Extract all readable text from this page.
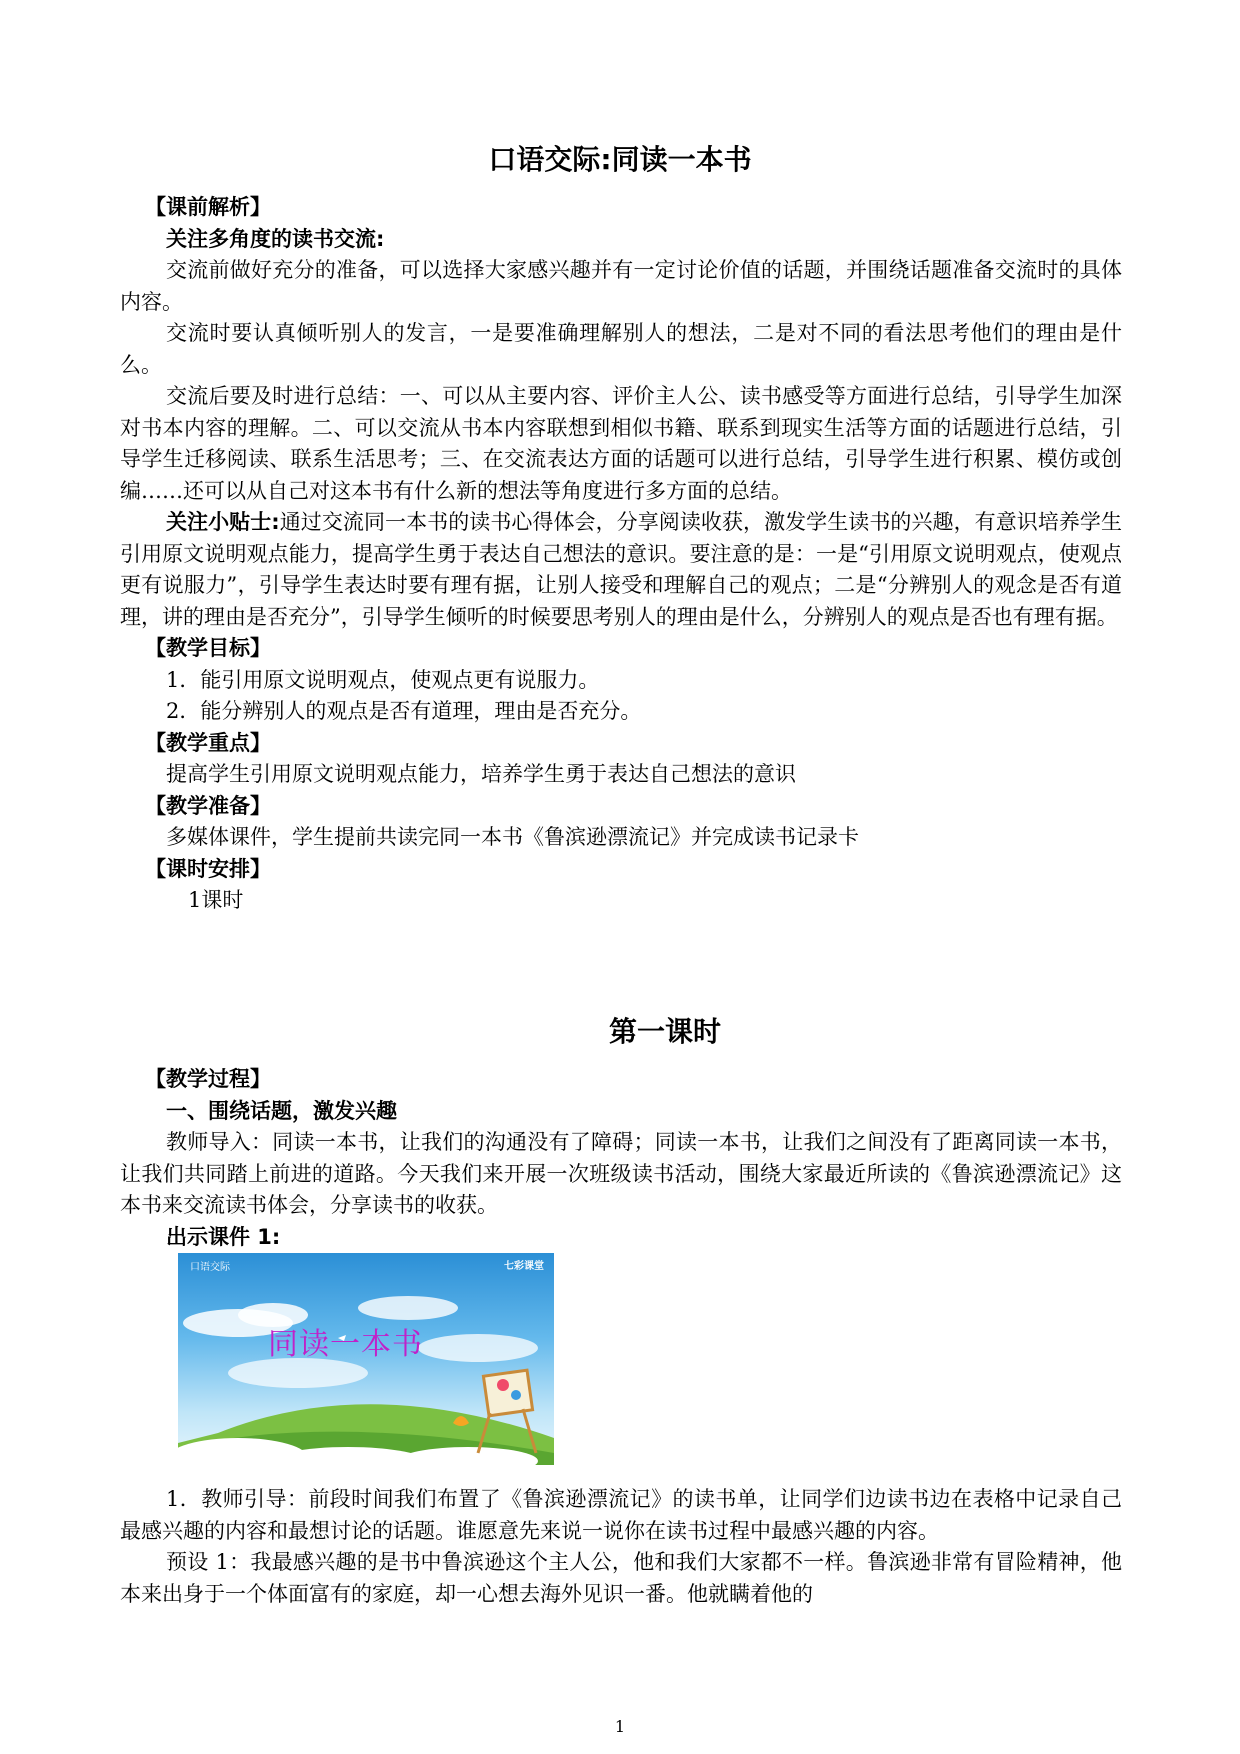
口语交际:同读一本书

【课前解析】

关注多角度的读书交流:

交流前做好充分的准备，可以选择大家感兴趣并有一定讨论价值的话题，并围绕话题准备交流时的具体内容。

交流时要认真倾听别人的发言，一是要准确理解别人的想法，二是对不同的看法思考他们的理由是什么。

交流后要及时进行总结：一、可以从主要内容、评价主人公、读书感受等方面进行总结，引导学生加深对书本内容的理解。二、可以交流从书本内容联想到相似书籍、联系到现实生活等方面的话题进行总结，引导学生迁移阅读、联系生活思考；三、在交流表达方面的话题可以进行总结，引导学生进行积累、模仿或创编……还可以从自己对这本书有什么新的想法等角度进行多方面的总结。

关注小贴士:通过交流同一本书的读书心得体会，分享阅读收获，激发学生读书的兴趣，有意识培养学生引用原文说明观点能力，提高学生勇于表达自己想法的意识。要注意的是：一是“引用原文说明观点，使观点更有说服力”，引导学生表达时要有理有据，让别人接受和理解自己的观点；二是“分辨别人的观念是否有道理，讲的理由是否充分”，引导学生倾听的时候要思考别人的理由是什么，分辨别人的观点是否也有理有据。

【教学目标】

1．能引用原文说明观点，使观点更有说服力。

2．能分辨别人的观点是否有道理，理由是否充分。

【教学重点】

提高学生引用原文说明观点能力，培养学生勇于表达自己想法的意识

【教学准备】

多媒体课件，学生提前共读完同一本书《鲁滨逊漂流记》并完成读书记录卡

【课时安排】

1课时

第一课时

【教学过程】

一、围绕话题，激发兴趣

教师导入：同读一本书，让我们的沟通没有了障碍；同读一本书，让我们之间没有了距离同读一本书，让我们共同踏上前进的道路。今天我们来开展一次班级读书活动，围绕大家最近所读的《鲁滨逊漂流记》这本书来交流读书体会，分享读书的收获。

出示课件 1:

口语交际	七彩课堂
同读一本书

1．教师引导：前段时间我们布置了《鲁滨逊漂流记》的读书单，让同学们边读书边在表格中记录自己最感兴趣的内容和最想讨论的话题。谁愿意先来说一说你在读书过程中最感兴趣的内容。

预设 1：我最感兴趣的是书中鲁滨逊这个主人公，他和我们大家都不一样。鲁滨逊非常有冒险精神，他本来出身于一个体面富有的家庭，却一心想去海外见识一番。他就瞒着他的

1
